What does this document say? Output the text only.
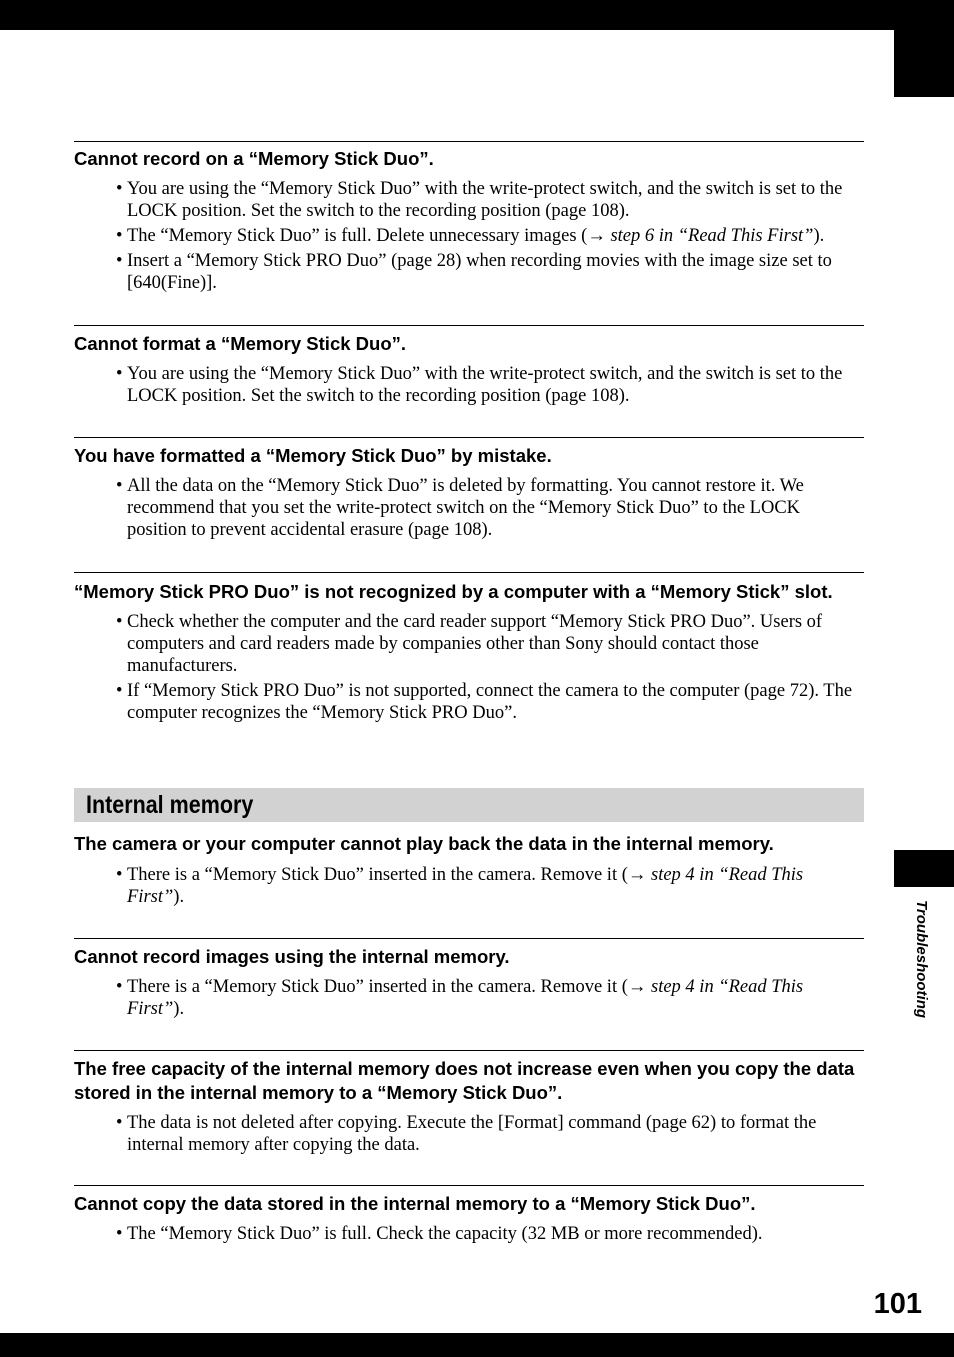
Troubleshooting
Cannot record on a “Memory Stick Duo”.
• You are using the “Memory Stick Duo” with the write-protect switch, and the switch is set to the LOCK position. Set the switch to the recording position (page 108).
• The “Memory Stick Duo” is full. Delete unnecessary images (→ step 6 in “Read This First”).
• Insert a “Memory Stick PRO Duo” (page 28) when recording movies with the image size set to [640(Fine)].
Cannot format a “Memory Stick Duo”.
• You are using the “Memory Stick Duo” with the write-protect switch, and the switch is set to the LOCK position. Set the switch to the recording position (page 108).
You have formatted a “Memory Stick Duo” by mistake.
• All the data on the “Memory Stick Duo” is deleted by formatting. You cannot restore it. We recommend that you set the write-protect switch on the “Memory Stick Duo” to the LOCK position to prevent accidental erasure (page 108).
“Memory Stick PRO Duo” is not recognized by a computer with a “Memory Stick” slot.
• Check whether the computer and the card reader support “Memory Stick PRO Duo”. Users of computers and card readers made by companies other than Sony should contact those manufacturers.
• If “Memory Stick PRO Duo” is not supported, connect the camera to the computer (page 72). The computer recognizes the “Memory Stick PRO Duo”.
Internal memory
The camera or your computer cannot play back the data in the internal memory.
• There is a “Memory Stick Duo” inserted in the camera. Remove it (→ step 4 in “Read This First”).
Cannot record images using the internal memory.
• There is a “Memory Stick Duo” inserted in the camera. Remove it (→ step 4 in “Read This First”).
The free capacity of the internal memory does not increase even when you copy the data stored in the internal memory to a “Memory Stick Duo”.
• The data is not deleted after copying. Execute the [Format] command (page 62) to format the internal memory after copying the data.
Cannot copy the data stored in the internal memory to a “Memory Stick Duo”.
• The “Memory Stick Duo” is full. Check the capacity (32 MB or more recommended).
101
